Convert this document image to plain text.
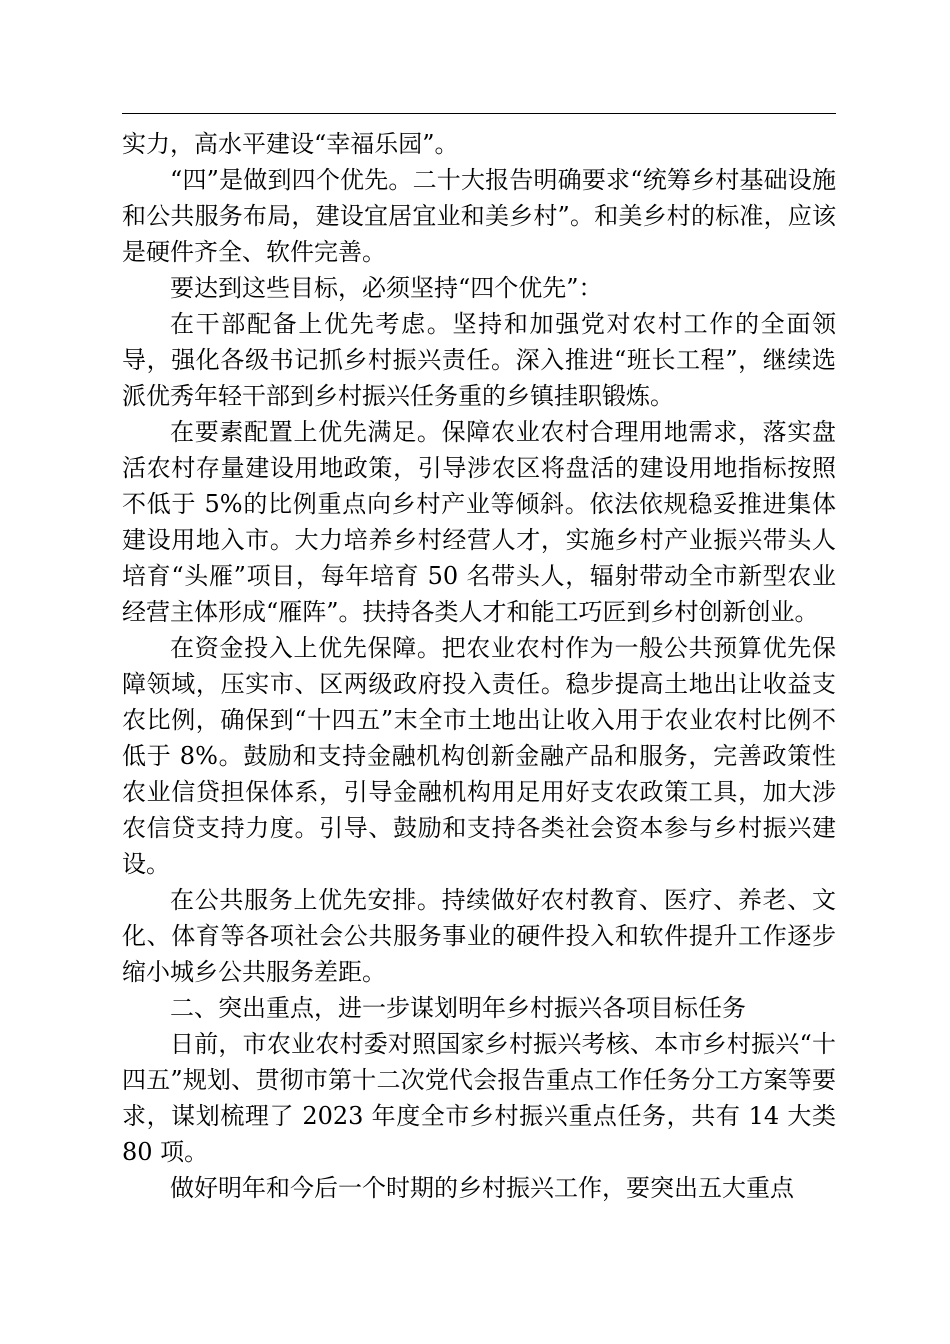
实力，高水平建设“幸福乐园”。

“四”是做到四个优先。二十大报告明确要求“统筹乡村基础设施和公共服务布局，建设宜居宜业和美乡村”。和美乡村的标准，应该是硬件齐全、软件完善。

要达到这些目标，必须坚持“四个优先”：

在干部配备上优先考虑。坚持和加强党对农村工作的全面领导，强化各级书记抓乡村振兴责任。深入推进“班长工程”，继续选派优秀年轻干部到乡村振兴任务重的乡镇挂职锻炼。

在要素配置上优先满足。保障农业农村合理用地需求，落实盘活农村存量建设用地政策，引导涉农区将盘活的建设用地指标按照不低于 5%的比例重点向乡村产业等倾斜。依法依规稳妥推进集体建设用地入市。大力培养乡村经营人才，实施乡村产业振兴带头人培育“头雁”项目，每年培育 50 名带头人，辐射带动全市新型农业经营主体形成“雁阵”。扶持各类人才和能工巧匠到乡村创新创业。

在资金投入上优先保障。把农业农村作为一般公共预算优先保障领域，压实市、区两级政府投入责任。稳步提高土地出让收益支农比例，确保到“十四五”末全市土地出让收入用于农业农村比例不低于 8%。鼓励和支持金融机构创新金融产品和服务，完善政策性农业信贷担保体系，引导金融机构用足用好支农政策工具，加大涉农信贷支持力度。引导、鼓励和支持各类社会资本参与乡村振兴建设。

在公共服务上优先安排。持续做好农村教育、医疗、养老、文化、体育等各项社会公共服务事业的硬件投入和软件提升工作逐步缩小城乡公共服务差距。

二、突出重点，进一步谋划明年乡村振兴各项目标任务

日前，市农业农村委对照国家乡村振兴考核、本市乡村振兴“十四五”规划、贯彻市第十二次党代会报告重点工作任务分工方案等要求，谋划梳理了 2023 年度全市乡村振兴重点任务，共有 14 大类 80 项。

做好明年和今后一个时期的乡村振兴工作，要突出五大重点
